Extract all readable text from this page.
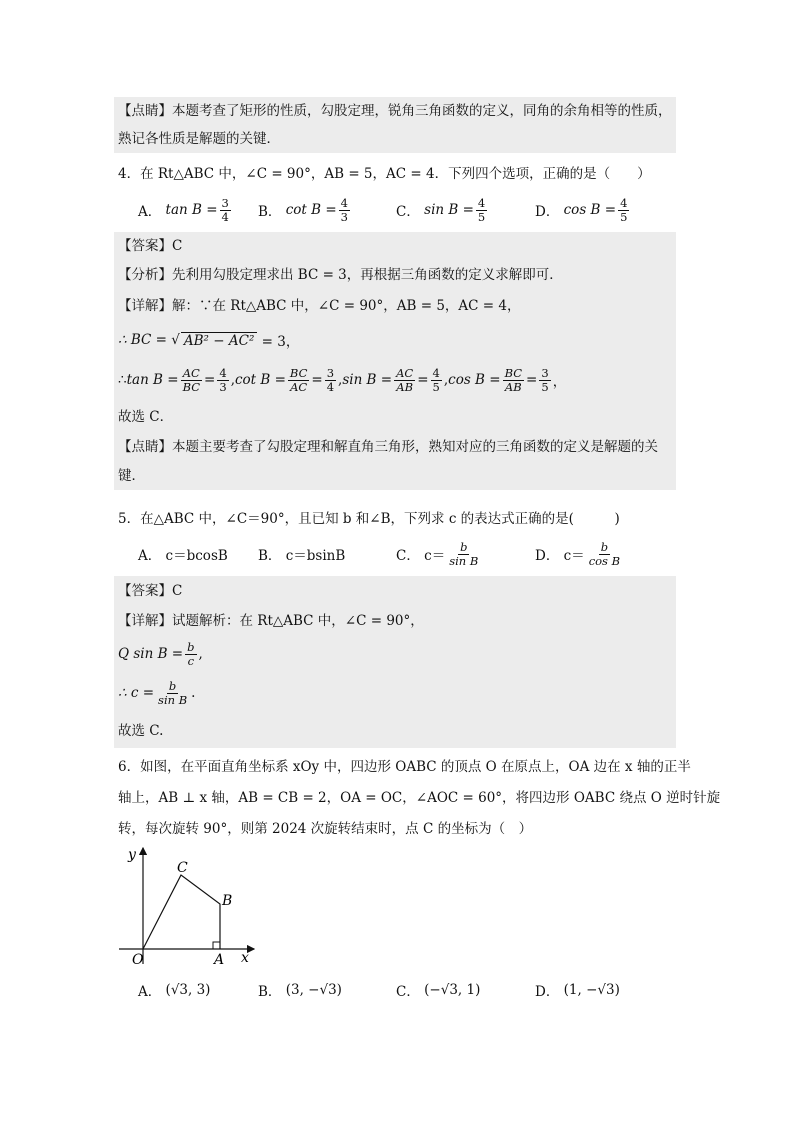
【点睛】本题考查了矩形的性质，勾股定理，锐角三角函数的定义，同角的余角相等的性质，
熟记各性质是解题的关键．
4．在 Rt△ABC 中，∠C = 90°，AB = 5，AC = 4．下列四个选项，正确的是（　　）
A．
$\tan B = \frac{3}{4}$ B．
$\cot B = \frac{4}{3}$	C．
$\sin B = \frac{4}{5}$	D．
$\cos B = \frac{4}{5}$
【答案】C
【分析】先利用勾股定理求出 BC = 3，再根据三角函数的定义求解即可．
【详解】解：∵在 Rt△ABC 中，∠C = 90°，AB = 5，AC = 4，
∴ BC = √ AB² − AC²
= 3，
∴ $\tan B = \frac{AC}{BC} = \frac{4}{3}$ , $\cot B = \frac{BC}{AC} = \frac{3}{4}$ , $\sin B = \frac{AC}{AB} = \frac{4}{5}$ , $\cos B = \frac{BC}{AB} = \frac{3}{5}$ ，
故选 C．
【点睛】本题主要考查了勾股定理和解直角三角形，熟知对应的三角函数的定义是解题的关
键．
5．在△ABC 中，∠C＝90°，且已知 b 和∠B，下列求 c 的表达式正确的是(　　　)
A．
c＝bcosB B．
c＝bsinB	C．
$c= \frac{b}{\text{sin B}}$	D．
$c= \frac{b}{\text{cos B}}$
【答案】C
【详解】试题解析：在 Rt△ABC 中，∠C = 90°，
Q $\sin B = \frac{b}{c}$ ,
∴ $c = \frac{b}{\text{sin B}}$ .
故选 C.
6．如图，在平面直角坐标系 xOy 中，四边形 OABC 的顶点 O 在原点上，OA 边在 x 轴的正半
轴上，AB ⊥ x 轴，AB = CB = 2，OA = OC，∠AOC = 60°，将四边形 OABC 绕点 O 逆时针旋
转，每次旋转 90°，则第 2024 次旋转结束时，点 C 的坐标为（　）
y
x
O	A
B
C
A．
(√3, 3)	B．
(3, −√3)	C．
(−√3, 1)	D．
(1, −√3)
